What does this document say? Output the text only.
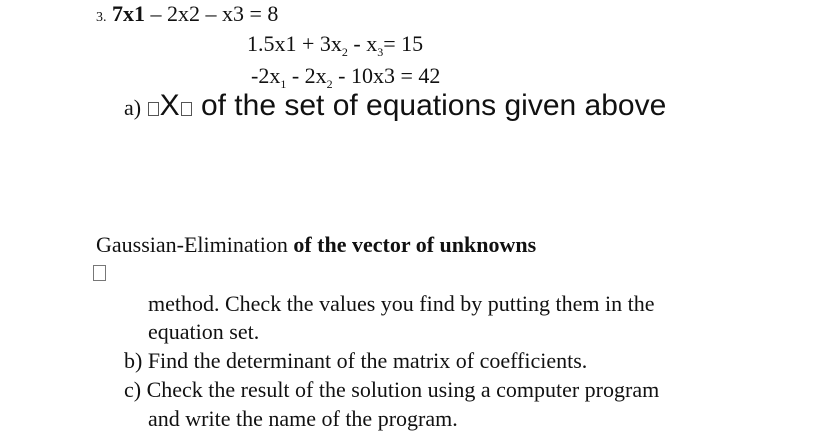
3. 7x1 – 2x2 – x3 = 8
$1.5x1 + 3x_2 - x_3= 15$
$-2x_1 - 2x_2 - 10x3 = 42$
a) X of the set of equations given above
Gaussian-Elimination of the vector of unknowns
method. Check the values you find by putting them in the
equation set.
b) Find the determinant of the matrix of coefficients.
c) Check the result of the solution using a computer program
and write the name of the program.
